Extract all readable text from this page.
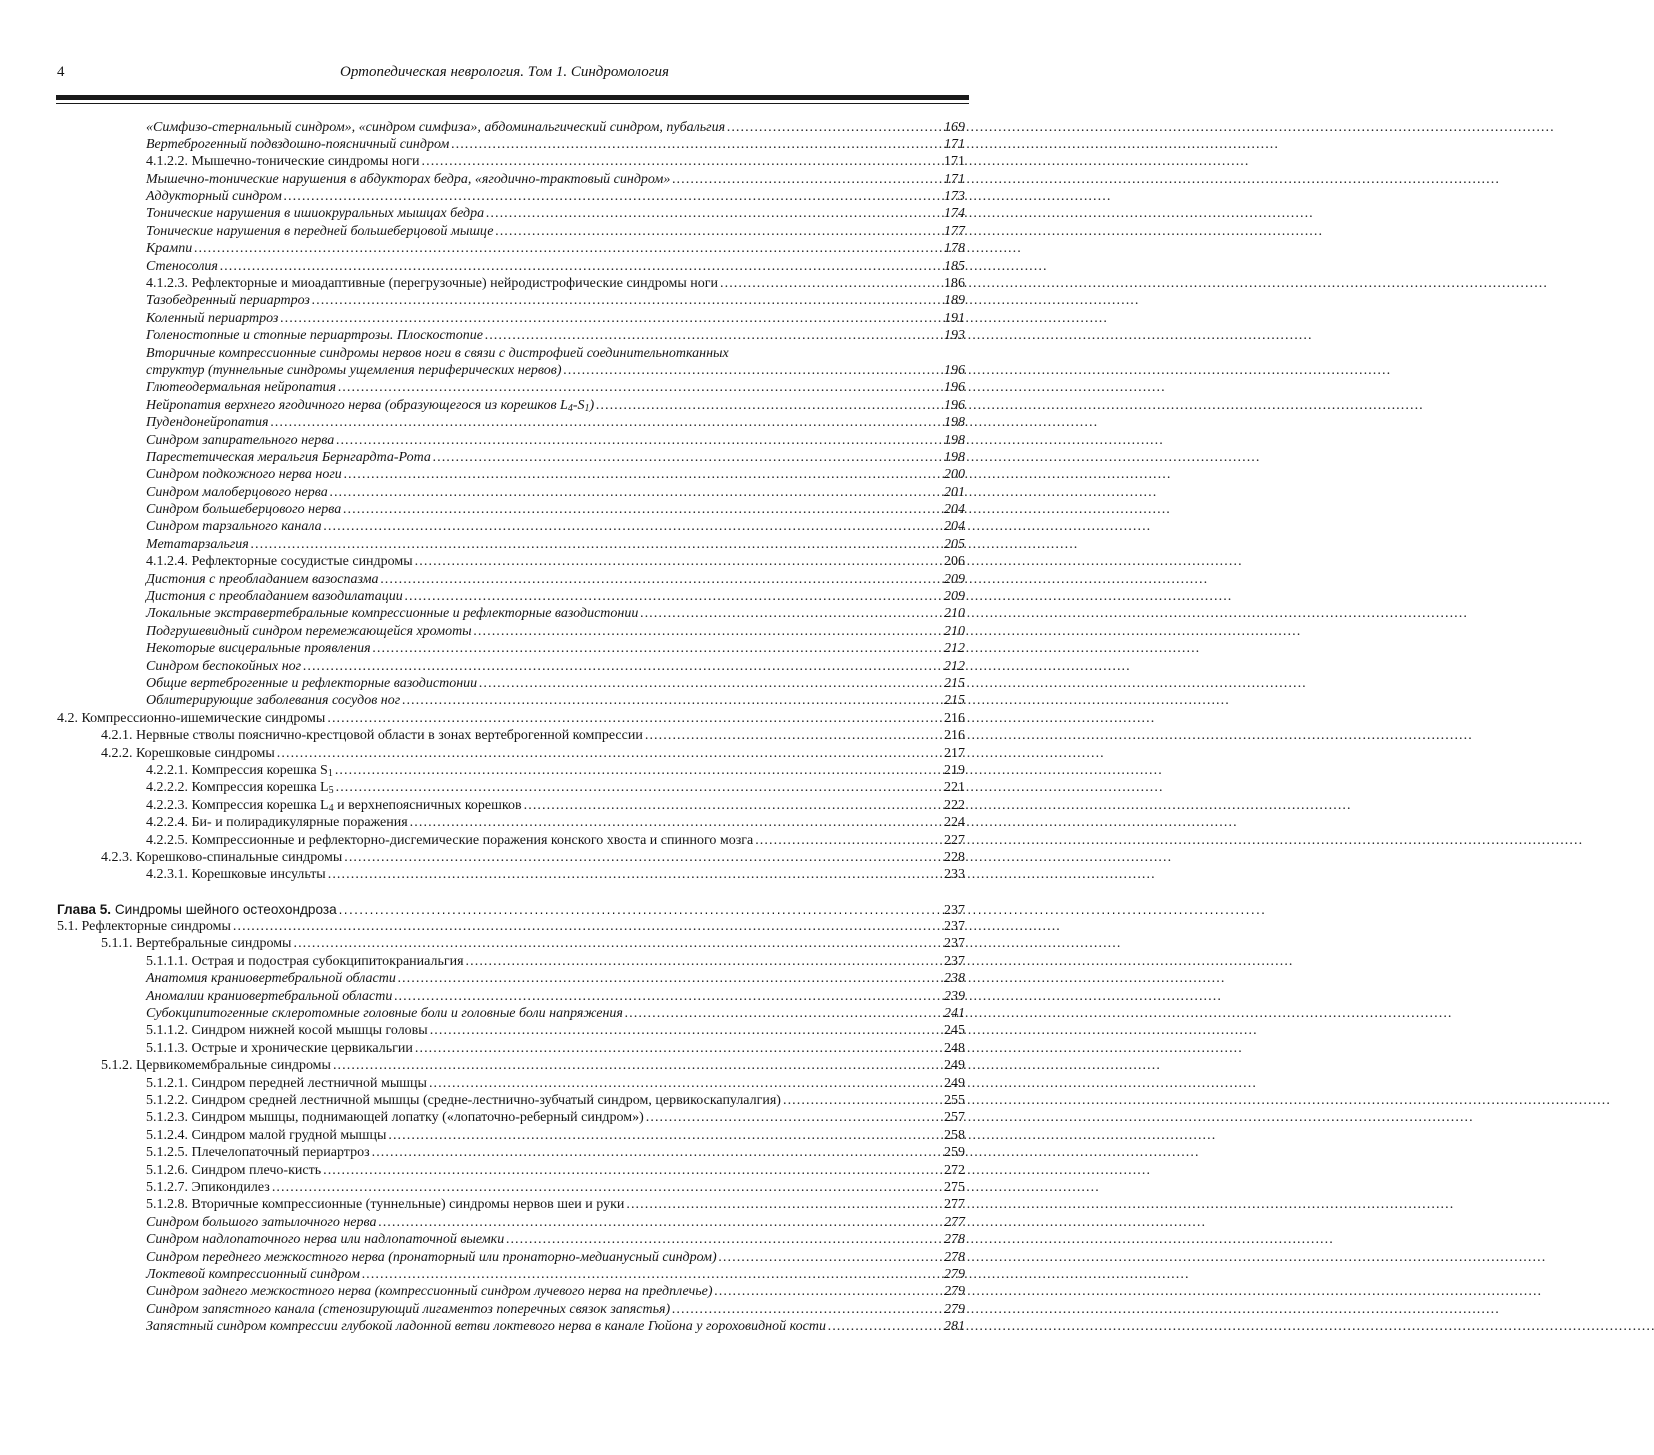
4	Ортопедическая неврология. Том 1. Синдромология
«Симфизо-стернальный синдром», «синдром симфиза», абдоминальгический синдром, пубальгия . . .	169
Вертеброгенный подвздошно-поясничный синдром . . .	171
4.1.2.2. Мышечно-тонические синдромы ноги . . .	171
Мышечно-тонические нарушения в абдукторах бедра, «ягодично-трактовый синдром» . . .	171
Аддукторный синдром . . .	173
Тонические нарушения в ишиокруральных мышцах бедра . . .	174
Тонические нарушения в передней большеберцовой мышце . . .	177
Крампи . . .	178
Стеносолия . . .	185
4.1.2.3. Рефлекторные и миоадаптивные (перегрузочные) нейродистрофические синдромы ноги . . .	186
Тазобедренный периартроз . . .	189
Коленный периартроз . . .	191
Голеностопные и стопные периартрозы. Плоскостопие . . .	193
Вторичные компрессионные синдромы нервов ноги в связи с дистрофией соединительнотканных
структур (туннельные синдромы ущемления периферических нервов) . . .	196
Глютеодермальная нейропатия . . .	196
Нейропатия верхнего ягодичного нерва (образующегося из корешков $L_4-S_1$) . . .	196
Пудендонейропатия . . .	198
Синдром запирательного нерва . . .	198
Парестетическая меральгия Бернгардта-Рота . . .	198
Синдром подкожного нерва ноги . . .	200
Синдром малоберцового нерва . . .	201
Синдром большеберцового нерва . . .	204
Синдром тарзального канала . . .	204
Метатарзальгия . . .	205
4.1.2.4. Рефлекторные сосудистые синдромы . . .	206
Дистония с преобладанием вазоспазма . . .	209
Дистония с преобладанием вазодилатации . . .	209
Локальные экстравертебральные компрессионные и рефлекторные вазодистонии . . .	210
Подгрушевидный синдром перемежающейся хромоты . . .	210
Некоторые висцеральные проявления . . .	212
Синдром беспокойных ног . . .	212
Общие вертеброгенные и рефлекторные вазодистонии . . .	215
Облитерирующие заболевания сосудов ног . . .	215
4.2. Компрессионно-ишемические синдромы . . .	216
4.2.1. Нервные стволы пояснично-крестцовой области в зонах вертеброгенной компрессии . . .	216
4.2.2. Корешковые синдромы . . .	217
4.2.2.1. Компрессия корешка $S_1$ . . .	219
4.2.2.2. Компрессия корешка $L_5$ . . .	221
4.2.2.3. Компрессия корешка $L_4$ и верхнепоясничных корешков . . .	222
4.2.2.4. Би- и полирадикулярные поражения . . .	224
4.2.2.5. Компрессионные и рефлекторно-дисгемические поражения конского хвоста и спинного мозга . . .	227
4.2.3. Корешково-спинальные синдромы . . .	228
4.2.3.1. Корешковые инсульты . . .	233
Глава 5. Синдромы шейного остеохондроза . . .	237
5.1. Рефлекторные синдромы . . .	237
5.1.1. Вертебральные синдромы . . .	237
5.1.1.1. Острая и подострая субокципитокраниальгия . . .	237
Анатомия краниовертебральной области . . .	238
Аномалии краниовертебральной области . . .	239
Субокципитогенные склеротомные головные боли и головные боли напряжения . . .	241
5.1.1.2. Синдром нижней косой мышцы головы . . .	245
5.1.1.3. Острые и хронические цервикальгии . . .	248
5.1.2. Цервикомембральные синдромы . . .	249
5.1.2.1. Синдром передней лестничной мышцы . . .	249
5.1.2.2. Синдром средней лестничной мышцы (средне-лестнично-зубчатый синдром, цервикоскапулалгия) . . .	255
5.1.2.3. Синдром мышцы, поднимающей лопатку («лопаточно-реберный синдром») . . .	257
5.1.2.4. Синдром малой грудной мышцы . . .	258
5.1.2.5. Плечелопаточный периартроз . . .	259
5.1.2.6. Синдром плечо-кисть . . .	272
5.1.2.7. Эпикондилез . . .	275
5.1.2.8. Вторичные компрессионные (туннельные) синдромы нервов шеи и руки . . .	277
Синдром большого затылочного нерва . . .	277
Синдром надлопаточного нерва или надлопаточной выемки . . .	278
Синдром переднего межкостного нерва (пронаторный или пронаторно-медианусный синдром) . . .	278
Локтевой компрессионный синдром . . .	279
Синдром заднего межкостного нерва (компрессионный синдром лучевого нерва на предплечье) . . .	279
Синдром запястного канала (стенозирующий лигаментоз поперечных связок запястья) . . .	279
Запястный синдром компрессии глубокой ладонной ветви локтевого нерва в канале Гюйона у гороховидной кости . . .	281
